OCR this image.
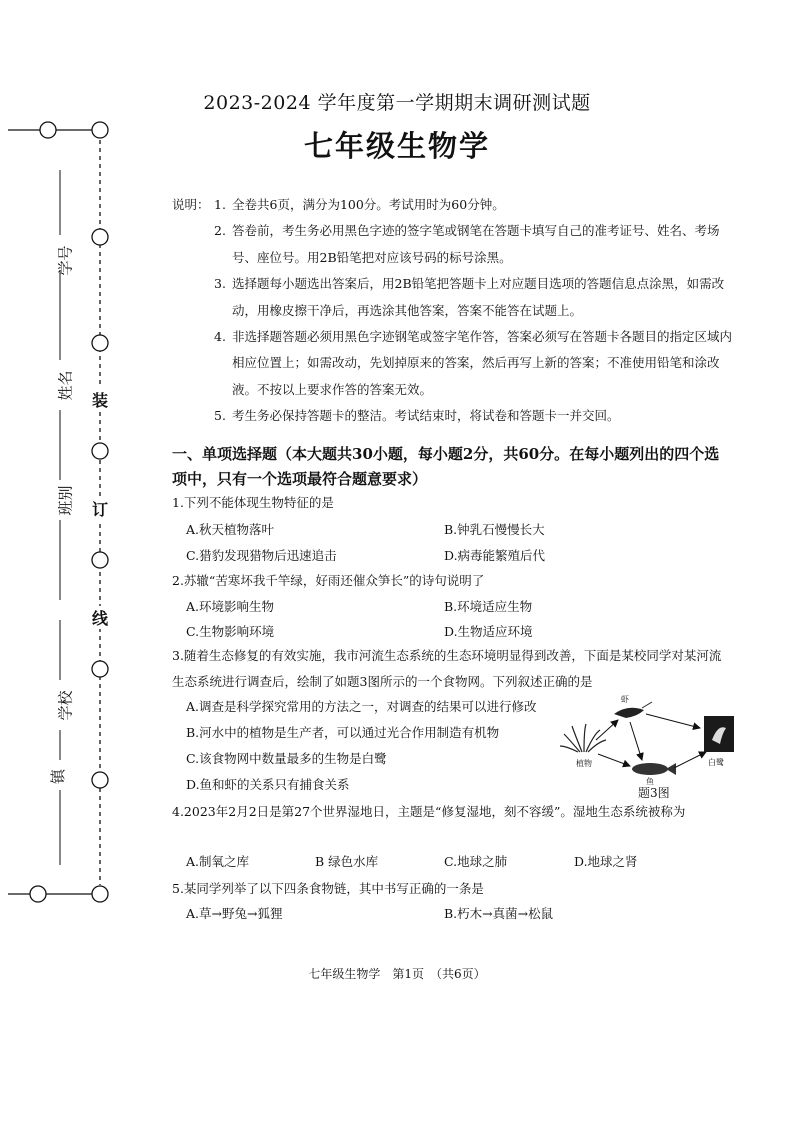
学号
姓名
班别
学校
镇
装
订
线
2023-2024 学年度第一学期期末调研测试题
七年级生物学
说明： 1. 全卷共6页，满分为100分。考试用时为60分钟。
2. 答卷前，考生务必用黑色字迹的签字笔或钢笔在答题卡填写自己的准考证号、姓名、考场号、座位号。用2B铅笔把对应该号码的标号涂黑。
3. 选择题每小题选出答案后，用2B铅笔把答题卡上对应题目选项的答题信息点涂黑，如需改动，用橡皮擦干净后，再选涂其他答案，答案不能答在试题上。
4. 非选择题答题必须用黑色字迹钢笔或签字笔作答，答案必须写在答题卡各题目的指定区域内相应位置上；如需改动，先划掉原来的答案，然后再写上新的答案；不准使用铅笔和涂改液。不按以上要求作答的答案无效。
5. 考生务必保持答题卡的整洁。考试结束时，将试卷和答题卡一并交回。
一、单项选择题（本大题共30小题，每小题2分，共60分。在每小题列出的四个选项中，只有一个选项最符合题意要求）
1.下列不能体现生物特征的是
A.秋天植物落叶	B.钟乳石慢慢长大
C.猎豹发现猎物后迅速追击	D.病毒能繁殖后代
2.苏辙“苦寒坏我千竿绿，好雨还催众笋长”的诗句说明了
A.环境影响生物	B.环境适应生物
C.生物影响环境	D.生物适应环境
3.随着生态修复的有效实施，我市河流生态系统的生态环境明显得到改善，下面是某校同学对某河流生态系统进行调查后，绘制了如题3图所示的一个食物网。下列叙述正确的是
A.调查是科学探究常用的方法之一，对调查的结果可以进行修改
B.河水中的植物是生产者，可以通过光合作用制造有机物
C.该食物网中数量最多的生物是白鹭
D.鱼和虾的关系只有捕食关系
虾
植物
鱼
白鹭
题3图
4.2023年2月2日是第27个世界湿地日，主题是“修复湿地，刻不容缓”。湿地生态系统被称为
A.制氧之库	B 绿色水库	C.地球之肺	D.地球之肾
5.某同学列举了以下四条食物链，其中书写正确的一条是
A.草→野兔→狐狸	B.朽木→真菌→松鼠
七年级生物学　第1页　（共6页）
